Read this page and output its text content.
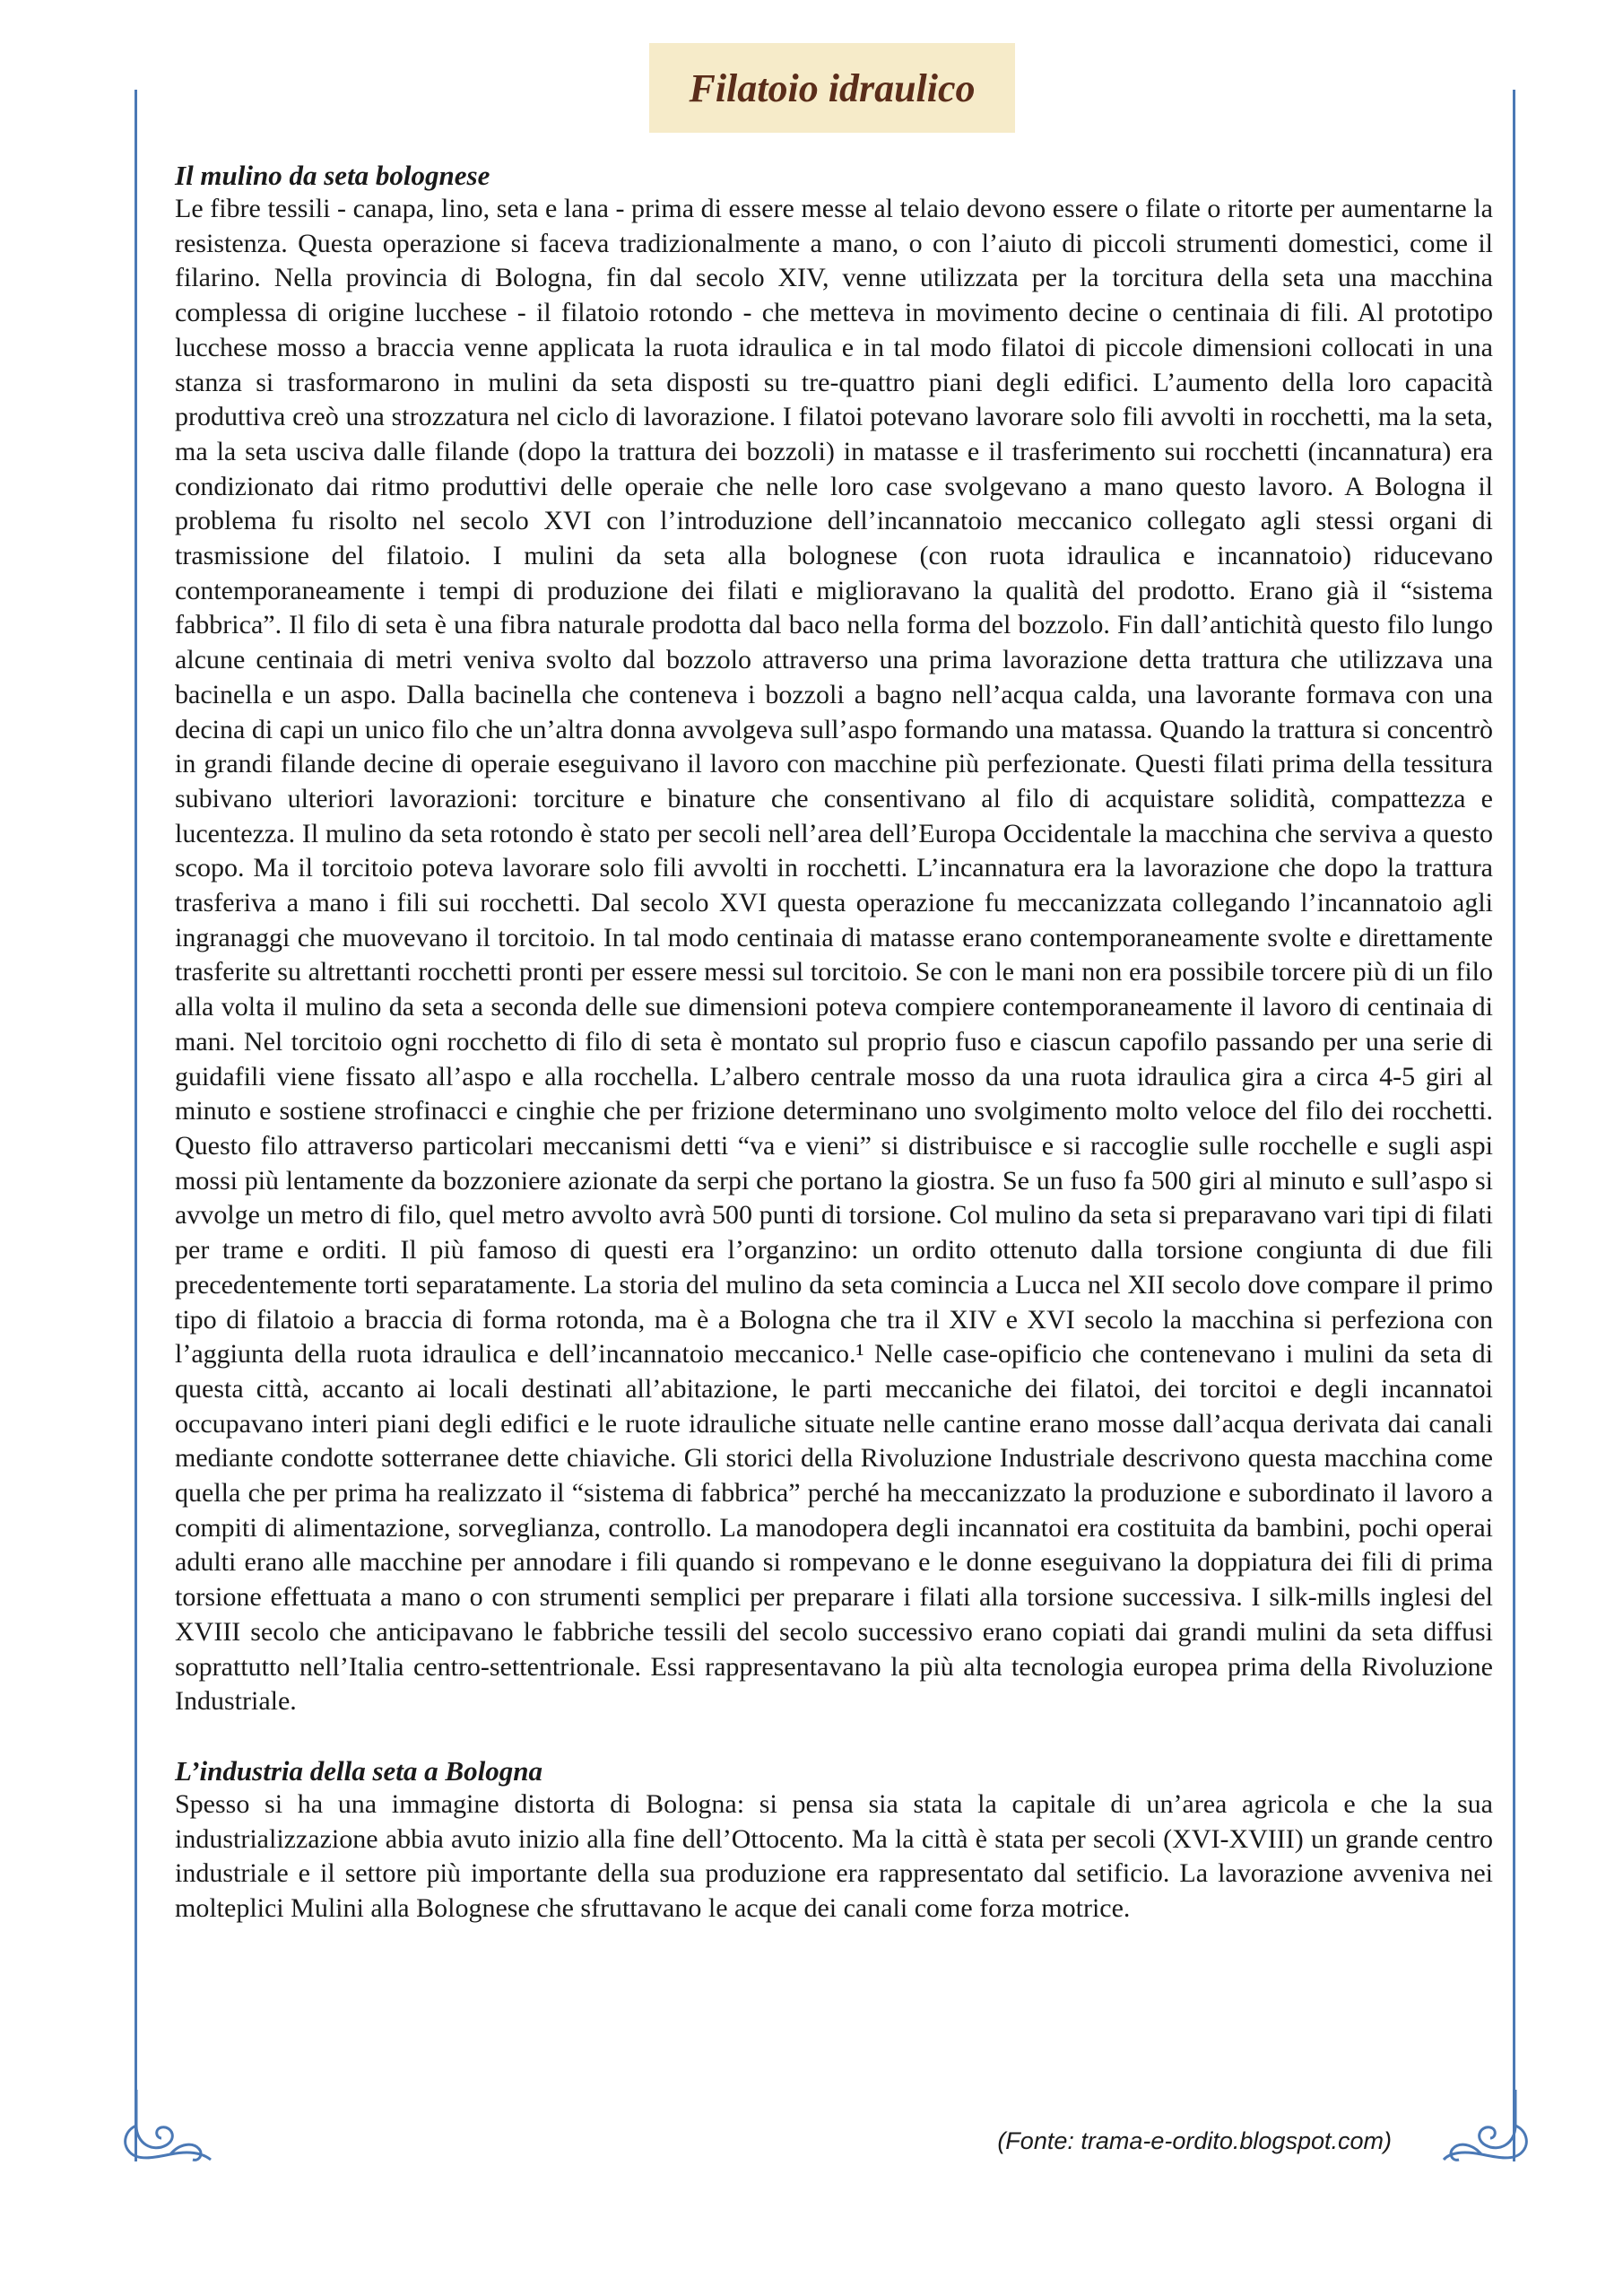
Filatoio idraulico
Il mulino da seta bolognese

Le fibre tessili - canapa, lino, seta e lana - prima di essere messe al telaio devono essere o filate o ritorte per aumentarne la resistenza. Questa operazione si faceva tradizionalmente a mano, o con l’aiuto di piccoli strumenti domestici, come il filarino. Nella provincia di Bologna, fin dal secolo XIV, venne utilizzata per la torcitura della seta una macchina complessa di origine lucchese - il filatoio rotondo - che metteva in movimento decine o centinaia di fili. Al prototipo lucchese mosso a braccia venne applicata la ruota idraulica e in tal modo filatoi di piccole dimensioni collocati in una stanza si trasformarono in mulini da seta disposti su tre-quattro piani degli edifici. L’aumento della loro capacità produttiva creò una strozzatura nel ciclo di lavorazione. I filatoi potevano lavorare solo fili avvolti in rocchetti, ma la seta, ma la seta usciva dalle filande (dopo la trattura dei bozzoli) in matasse e il trasferimento sui rocchetti (incannatura) era condizionato dai ritmo produttivi delle operaie che nelle loro case svolgevano a mano questo lavoro. A Bologna il problema fu risolto nel secolo XVI con l’introduzione dell’incannatoio meccanico collegato agli stessi organi di trasmissione del filatoio. I mulini da seta alla bolognese (con ruota idraulica e incannatoio) riducevano contemporaneamente i tempi di produzione dei filati e miglioravano la qualità del prodotto. Erano già il “sistema fabbrica”. Il filo di seta è una fibra naturale prodotta dal baco nella forma del bozzolo. Fin dall’antichità questo filo lungo alcune centinaia di metri veniva svolto dal bozzolo attraverso una prima lavorazione detta trattura che utilizzava una bacinella e un aspo. Dalla bacinella che conteneva i bozzoli a bagno nell’acqua calda, una lavorante formava con una decina di capi un unico filo che un’altra donna avvolgeva sull’aspo formando una matassa. Quando la trattura si concentrò in grandi filande decine di operaie eseguivano il lavoro con macchine più perfezionate. Questi filati prima della tessitura subivano ulteriori lavorazioni: torciture e binature che consentivano al filo di acquistare solidità, compattezza e lucentezza. Il mulino da seta rotondo è stato per secoli nell’area dell’Europa Occidentale la macchina che serviva a questo scopo. Ma il torcitoio poteva lavorare solo fili avvolti in rocchetti. L’incannatura era la lavorazione che dopo la trattura trasferiva a mano i fili sui rocchetti. Dal secolo XVI questa operazione fu meccanizzata collegando l’incannatoio agli ingranaggi che muovevano il torcitoio. In tal modo centinaia di matasse erano contemporaneamente svolte e direttamente trasferite su altrettanti rocchetti pronti per essere messi sul torcitoio. Se con le mani non era possibile torcere più di un filo alla volta il mulino da seta a seconda delle sue dimensioni poteva compiere contemporaneamente il lavoro di centinaia di mani. Nel torcitoio ogni rocchetto di filo di seta è montato sul proprio fuso e ciascun capofilo passando per una serie di guidafili viene fissato all’aspo e alla rocchella. L’albero centrale mosso da una ruota idraulica gira a circa 4-5 giri al minuto e sostiene strofinacci e cinghie che per frizione determinano uno svolgimento molto veloce del filo dei rocchetti. Questo filo attraverso particolari meccanismi detti “va e vieni” si distribuisce e si raccoglie sulle rocchelle e sugli aspi mossi più lentamente da bozzoniere azionate da serpi che portano la giostra. Se un fuso fa 500 giri al minuto e sull’aspo si avvolge un metro di filo, quel metro avvolto avrà 500 punti di torsione. Col mulino da seta si preparavano vari tipi di filati per trame e orditi. Il più famoso di questi era l’organzino: un ordito ottenuto dalla torsione congiunta di due fili precedentemente torti separatamente. La storia del mulino da seta comincia a Lucca nel XII secolo dove compare il primo tipo di filatoio a braccia di forma rotonda, ma è a Bologna che tra il XIV e XVI secolo la macchina si perfeziona con l’aggiunta della ruota idraulica e dell’incannatoio meccanico.¹ Nelle case-opificio che contenevano i mulini da seta di questa città, accanto ai locali destinati all’abitazione, le parti meccaniche dei filatoi, dei torcitoi e degli incannatoi occupavano interi piani degli edifici e le ruote idrauliche situate nelle cantine erano mosse dall’acqua derivata dai canali mediante condotte sotterranee dette chiaviche. Gli storici della Rivoluzione Industriale descrivono questa macchina come quella che per prima ha realizzato il “sistema di fabbrica” perché ha meccanizzato la produzione e subordinato il lavoro a compiti di alimentazione, sorveglianza, controllo. La manodopera degli incannatoi era costituita da bambini, pochi operai adulti erano alle macchine per annodare i fili quando si rompevano e le donne eseguivano la doppiatura dei fili di prima torsione effettuata a mano o con strumenti semplici per preparare i filati alla torsione successiva. I silk-mills inglesi del XVIII secolo che anticipavano le fabbriche tessili del secolo successivo erano copiati dai grandi mulini da seta diffusi soprattutto nell’Italia centro-settentrionale. Essi rappresentavano la più alta tecnologia europea prima della Rivoluzione Industriale.

L’industria della seta a Bologna

Spesso si ha una immagine distorta di Bologna: si pensa sia stata la capitale di un’area agricola e che la sua industrializzazione abbia avuto inizio alla fine dell’Ottocento. Ma la città è stata per secoli (XVI-XVIII) un grande centro industriale e il settore più importante della sua produzione era rappresentato dal setificio. La lavorazione avveniva nei molteplici Mulini alla Bolognese che sfruttavano le acque dei canali come forza motrice.

(Fonte: trama-e-ordito.blogspot.com)
